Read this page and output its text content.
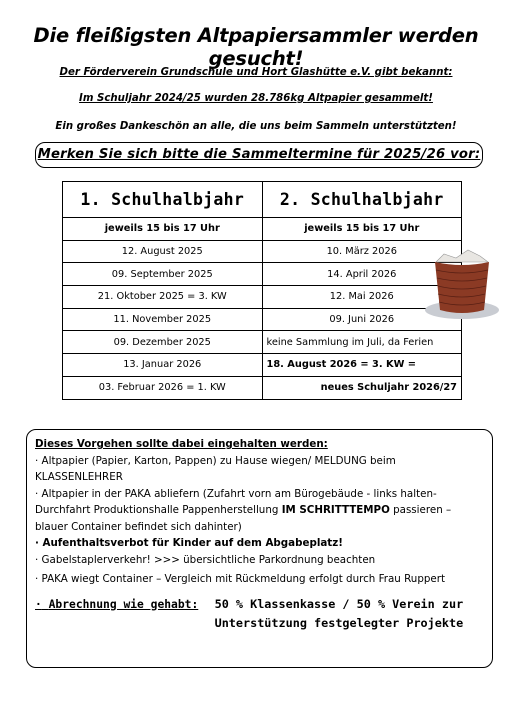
Die fleißigsten Altpapiersammler werden gesucht!
Der Förderverein Grundschule und Hort Glashütte e.V. gibt bekannt:
Im Schuljahr 2024/25 wurden 28.786kg Altpapier gesammelt!
Ein großes Dankeschön an alle, die uns beim Sammeln unterstützten!
Merken Sie sich bitte die Sammeltermine für 2025/26 vor:
1. Schulhalbjahr	2. Schulhalbjahr
jeweils 15 bis 17 Uhr	jeweils 15 bis 17 Uhr
12. August 2025	10. März 2026
09. September 2025	14. April 2026
21. Oktober 2025 = 3. KW	12. Mai 2026
11. November 2025	09. Juni 2026
09. Dezember 2025	keine Sammlung im Juli, da Ferien
13. Januar 2026	18. August 2026 = 3. KW =
03. Februar 2026 = 1. KW	neues Schuljahr 2026/27
Dieses Vorgehen sollte dabei eingehalten werden:
· Altpapier (Papier, Karton, Pappen) zu Hause wiegen/ MELDUNG beim KLASSENLEHRER
· Altpapier in der PAKA abliefern (Zufahrt vorn am Bürogebäude - links halten- Durchfahrt Produktionshalle Pappenherstellung IM SCHRITTTEMPO passieren – blauer Container befindet sich dahinter)
· Aufenthaltsverbot für Kinder auf dem Abgabeplatz!
· Gabelstaplerverkehr! >>> übersichtliche Parkordnung beachten
· PAKA wiegt Container – Vergleich mit Rückmeldung erfolgt durch Frau Ruppert
· Abrechnung wie gehabt:	50 % Klassenkasse / 50 % Verein zur Unterstützung festgelegter Projekte
